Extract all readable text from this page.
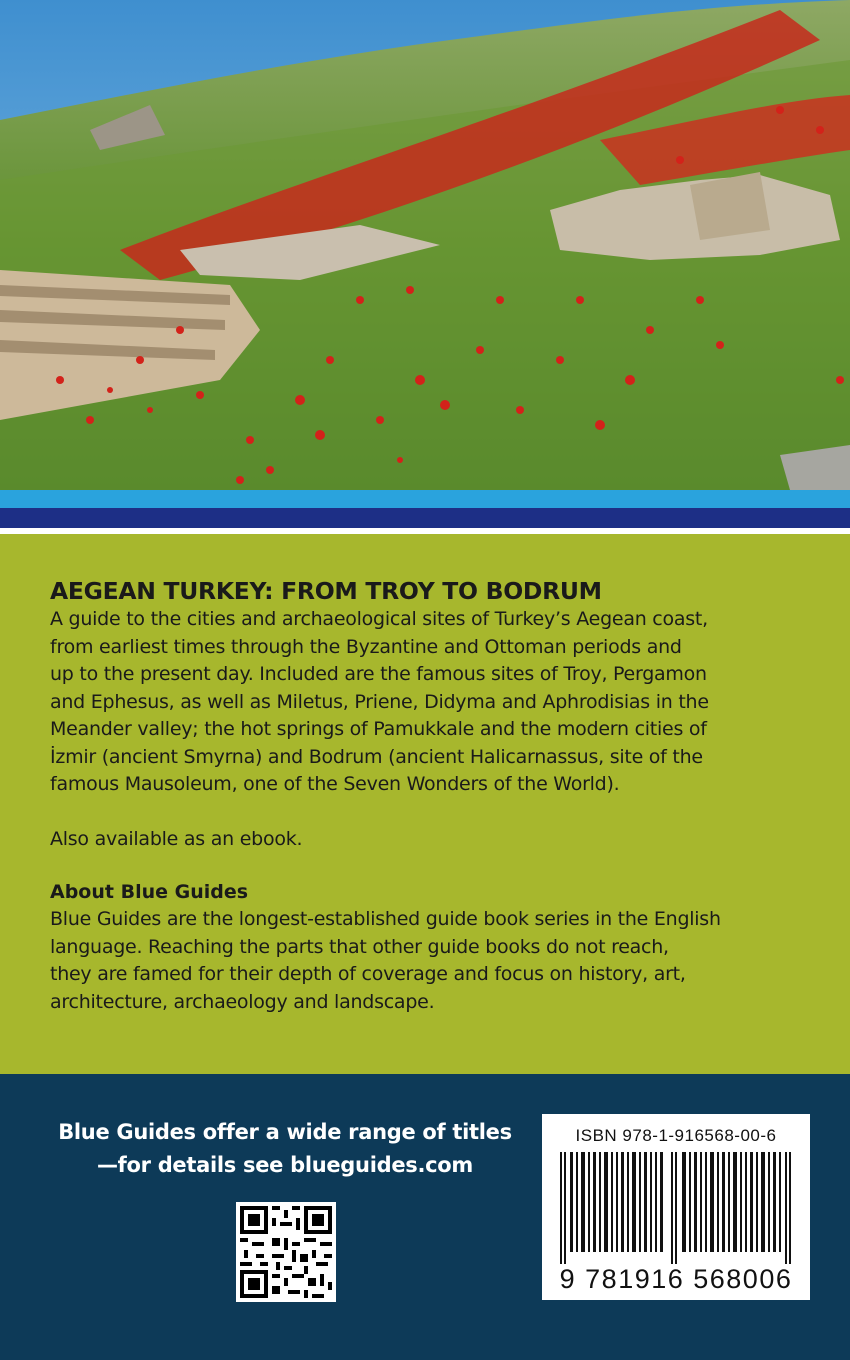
AEGEAN TURKEY: FROM TROY TO BODRUM

A guide to the cities and archaeological sites of Turkey’s Aegean coast,
from earliest times through the Byzantine and Ottoman periods and
up to the present day. Included are the famous sites of Troy, Pergamon
and Ephesus, as well as Miletus, Priene, Didyma and Aphrodisias in the
Meander valley; the hot springs of Pamukkale and the modern cities of
İzmir (ancient Smyrna) and Bodrum (ancient Halicarnassus, site of the
famous Mausoleum, one of the Seven Wonders of the World).

Also available as an ebook.

About Blue Guides

Blue Guides are the longest-established guide book series in the English
language. Reaching the parts that other guide books do not reach,
they are famed for their depth of coverage and focus on history, art,
architecture, archaeology and landscape.

Blue Guides offer a wide range of titles
—for details see blueguides.com
ISBN 978-1-916568-00-6
9 781916 568006
